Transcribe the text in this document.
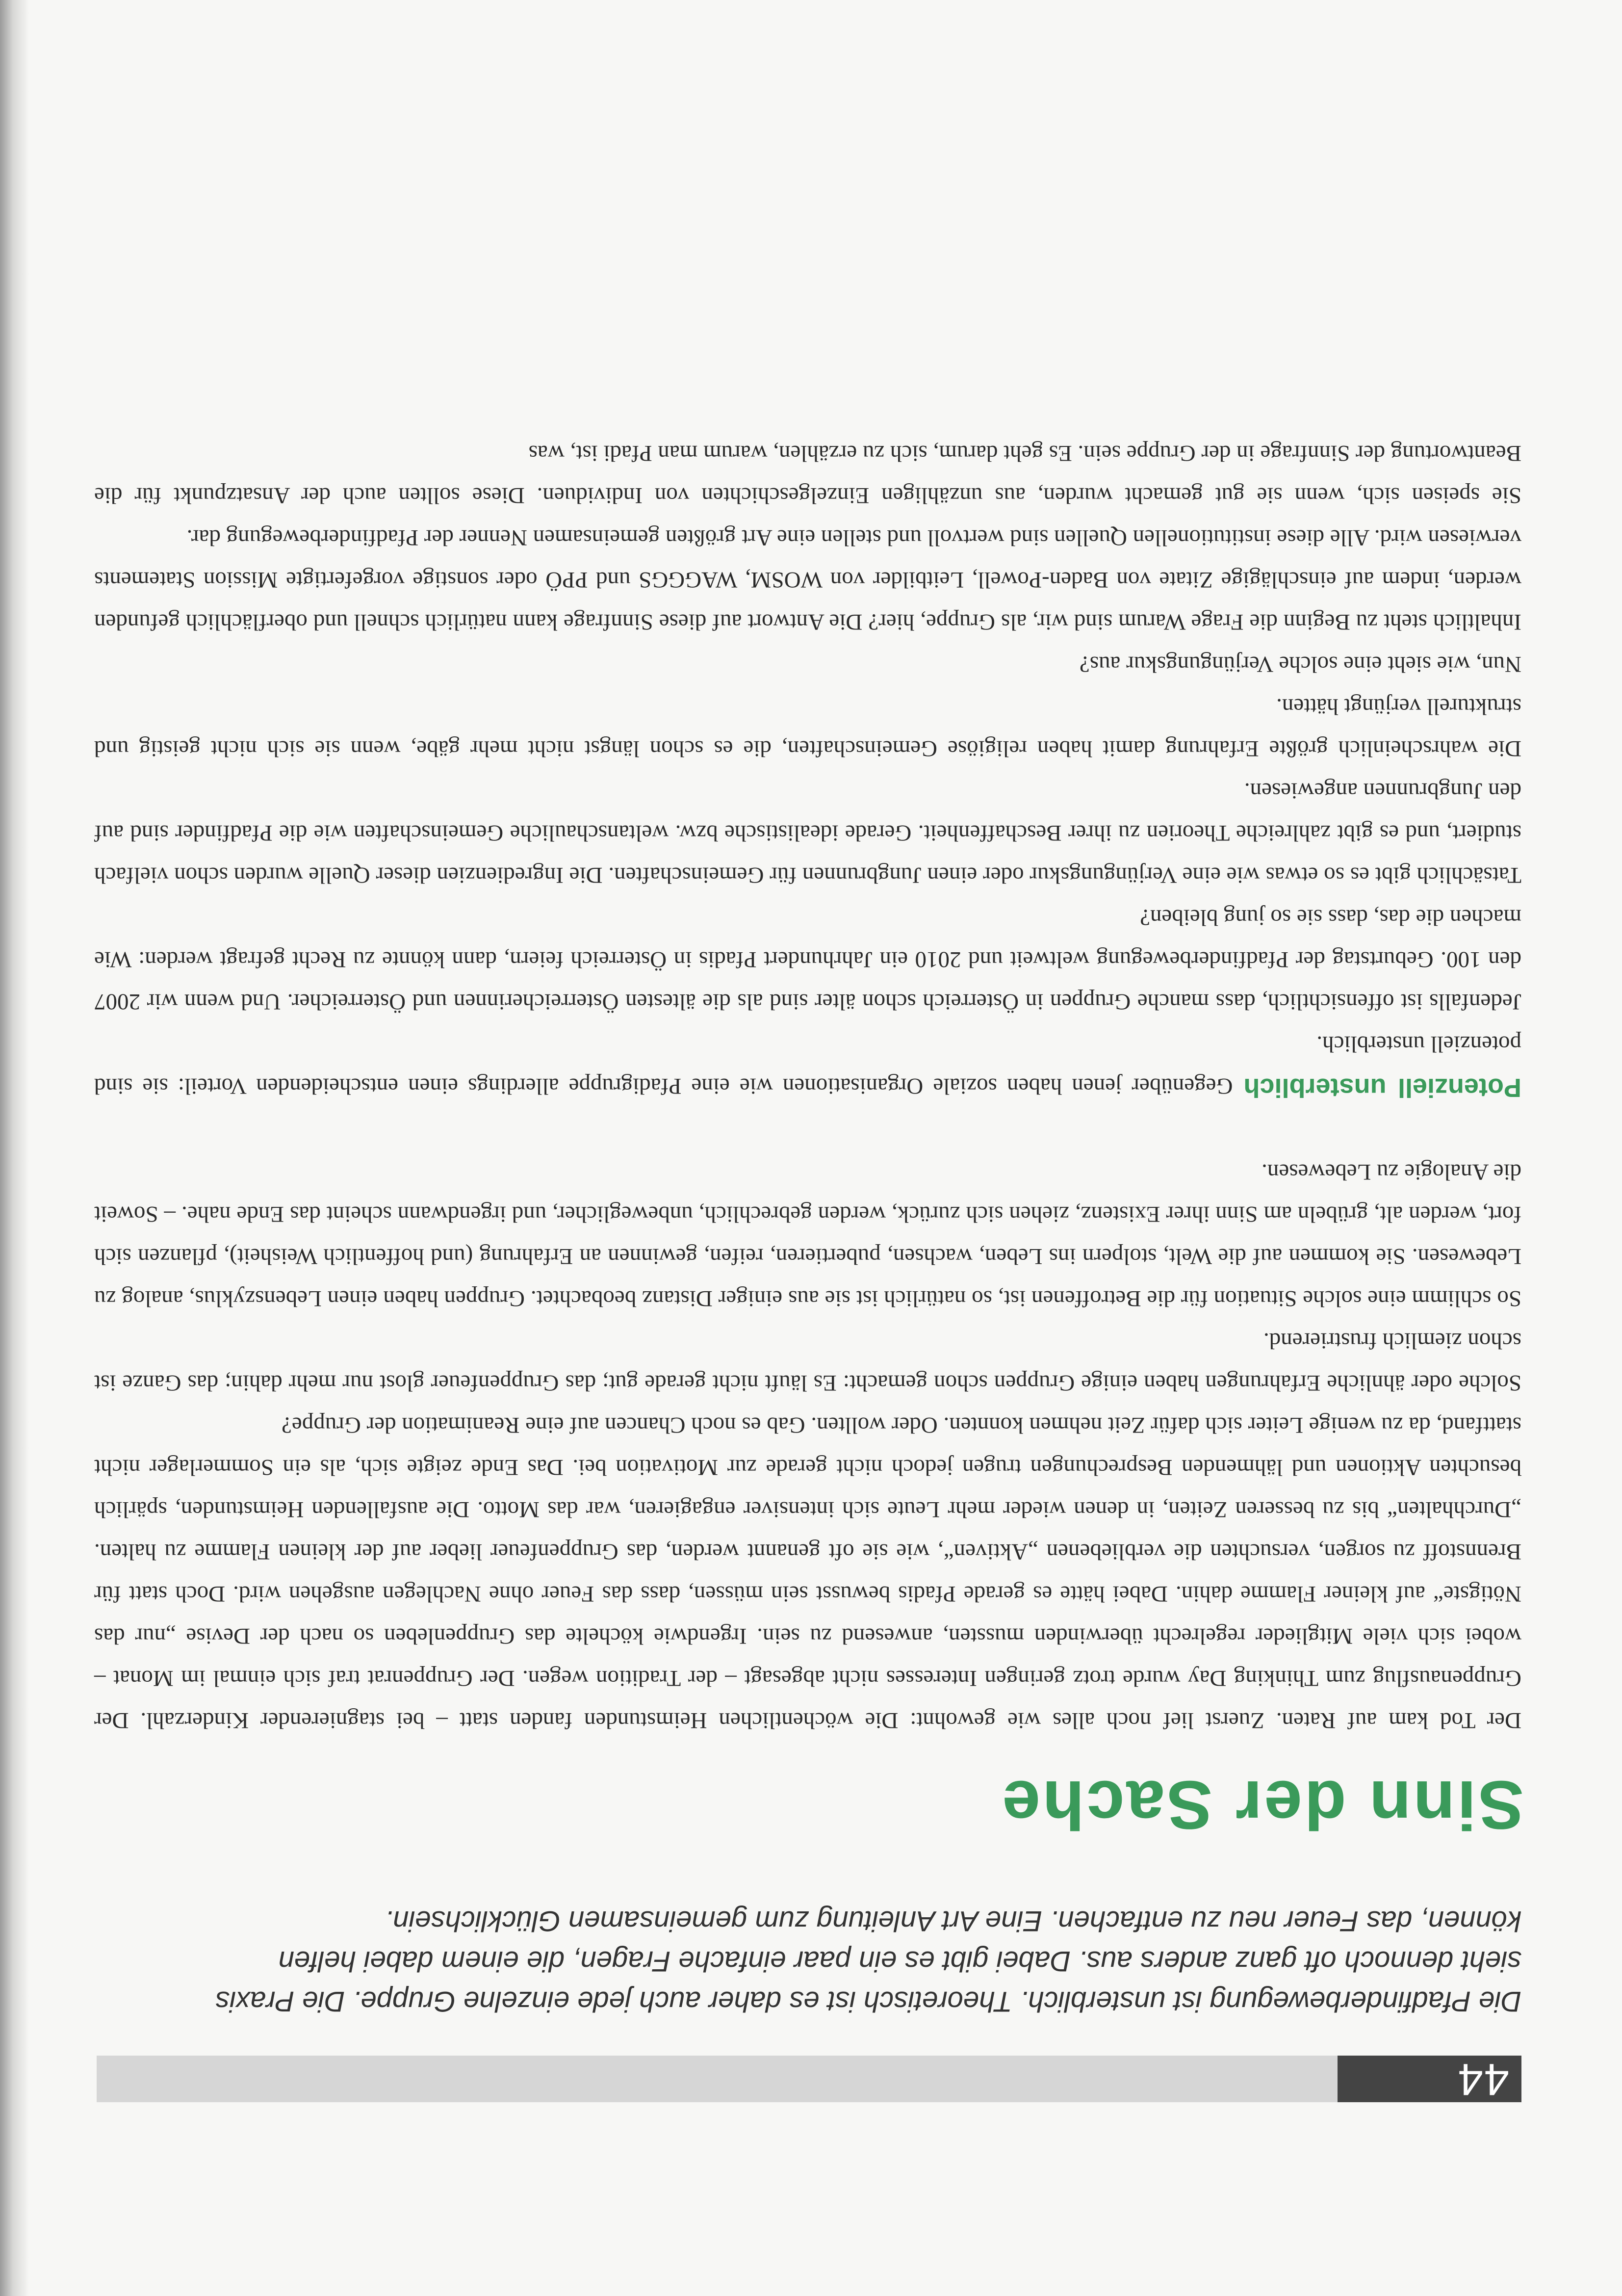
44

Die Pfadfinderbewegung ist unsterblich. Theoretisch ist es daher auch jede einzelne Gruppe. Die Praxis sieht dennoch oft ganz anders aus. Dabei gibt es ein paar einfache Fragen, die einem dabei helfen können, das Feuer neu zu entfachen. Eine Art Anleitung zum gemeinsamen Glücklichsein.

Sinn der Sache

Der Tod kam auf Raten. Zuerst lief noch alles wie gewohnt: Die wöchentlichen Heimstunden fanden statt – bei stagnierender Kinderzahl. Der Gruppenausflug zum Thinking Day wurde trotz geringen Interesses nicht abgesagt – der Tradition wegen. Der Gruppenrat traf sich einmal im Monat – wobei sich viele Mitglieder regelrecht überwinden mussten, anwesend zu sein. Irgendwie köchelte das Gruppenleben so nach der Devise „nur das Nötigste“ auf kleiner Flamme dahin. Dabei hätte es gerade Pfadis bewusst sein müssen, dass das Feuer ohne Nachlegen ausgehen wird. Doch statt für Brennstoff zu sorgen, versuchten die verbliebenen „Aktiven“, wie sie oft genannt werden, das Gruppenfeuer lieber auf der kleinen Flamme zu halten. „Durchhalten“ bis zu besseren Zeiten, in denen wieder mehr Leute sich intensiver engagieren, war das Motto. Die ausfallenden Heimstunden, spärlich besuchten Aktionen und lähmenden Besprechungen trugen jedoch nicht gerade zur Motivation bei. Das Ende zeigte sich, als ein Sommerlager nicht stattfand, da zu wenige Leiter sich dafür Zeit nehmen konnten. Oder wollten. Gab es noch Chancen auf eine Reanimation der Gruppe?

Solche oder ähnliche Erfahrungen haben einige Gruppen schon gemacht: Es läuft nicht gerade gut; das Gruppenfeuer glost nur mehr dahin; das Ganze ist schon ziemlich frustrierend.

So schlimm eine solche Situation für die Betroffenen ist, so natürlich ist sie aus einiger Distanz beobachtet. Gruppen haben einen Lebenszyklus, analog zu Lebewesen. Sie kommen auf die Welt, stolpern ins Leben, wachsen, pubertieren, reifen, gewinnen an Erfahrung (und hoffentlich Weisheit), pflanzen sich fort, werden alt, grübeln am Sinn ihrer Existenz, ziehen sich zurück, werden gebrechlich, unbeweglicher, und irgendwann scheint das Ende nahe. – Soweit die Analogie zu Lebewesen.

Potenziell unsterblichGegenüber jenen haben soziale Organisationen wie eine Pfadigruppe allerdings einen entscheidenden Vorteil: sie sind potenziell unsterblich.

Jedenfalls ist offensichtlich, dass manche Gruppen in Österreich schon älter sind als die ältesten Österreicherinnen und Österreicher. Und wenn wir 2007 den 100. Geburtstag der Pfadfinderbewegung weltweit und 2010 ein Jahrhundert Pfadis in Österreich feiern, dann könnte zu Recht gefragt werden: Wie machen die das, dass sie so jung bleiben?

Tatsächlich gibt es so etwas wie eine Verjüngungskur oder einen Jungbrunnen für Gemeinschaften. Die Ingredienzien dieser Quelle wurden schon vielfach studiert, und es gibt zahlreiche Theorien zu ihrer Beschaffenheit. Gerade idealistische bzw. weltanschauliche Gemeinschaften wie die Pfadfinder sind auf den Jungbrunnen angewiesen.

Die wahrscheinlich größte Erfahrung damit haben religiöse Gemeinschaften, die es schon längst nicht mehr gäbe, wenn sie sich nicht geistig und strukturell verjüngt hätten.

Nun, wie sieht eine solche Verjüngungskur aus?

Inhaltlich steht zu Beginn die Frage Warum sind wir, als Gruppe, hier? Die Antwort auf diese Sinnfrage kann natürlich schnell und oberflächlich gefunden werden, indem auf einschlägige Zitate von Baden-Powell, Leitbilder von WOSM, WAGGGS und PPÖ oder sonstige vorgefertigte Mission Statements verwiesen wird. Alle diese institutionellen Quellen sind wertvoll und stellen eine Art größten gemeinsamen Nenner der Pfadfinderbewegung dar.

Sie speisen sich, wenn sie gut gemacht wurden, aus unzähligen Einzelgeschichten von Individuen. Diese sollten auch der Ansatzpunkt für die Beantwortung der Sinnfrage in der Gruppe sein. Es geht darum, sich zu erzählen, warum man Pfadi ist, was
